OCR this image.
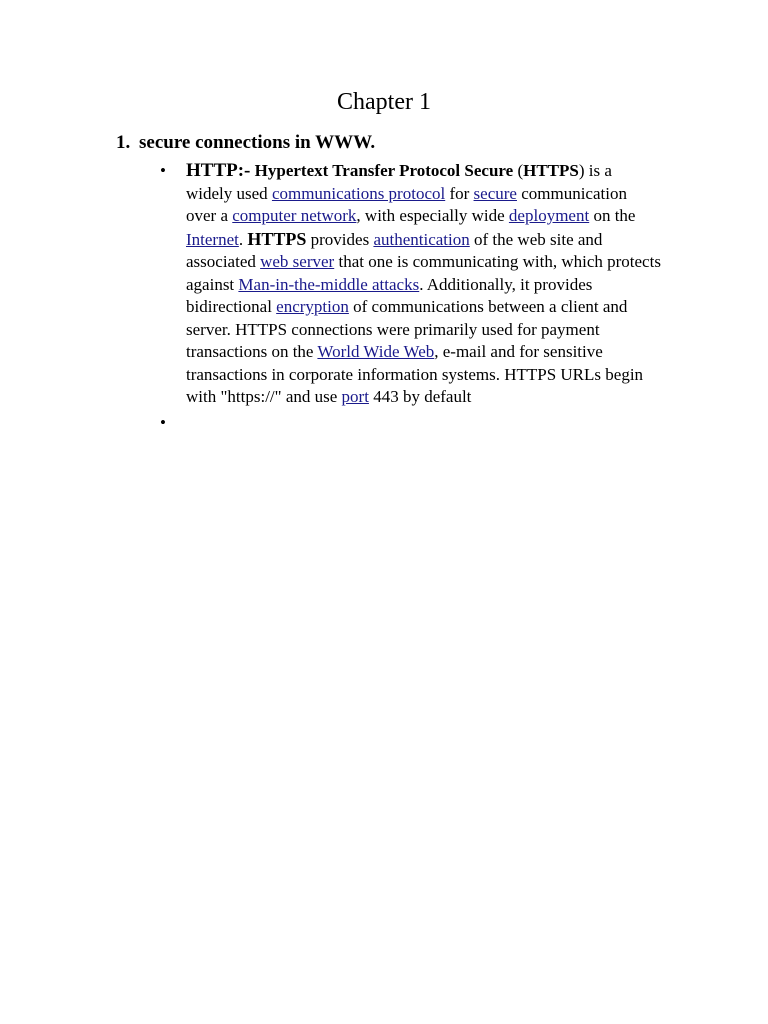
Chapter 1
1. secure connections in WWW.
• HTTP:- Hypertext Transfer Protocol Secure (HTTPS) is a widely used communications protocol for secure communication over a computer network, with especially wide deployment on the Internet. HTTPS provides authentication of the web site and associated web server that one is communicating with, which protects against Man-in-the-middle attacks. Additionally, it provides bidirectional encryption of communications between a client and server. HTTPS connections were primarily used for payment transactions on the World Wide Web, e-mail and for sensitive transactions in corporate information systems. HTTPS URLs begin with "https://" and use port 443 by default

•
